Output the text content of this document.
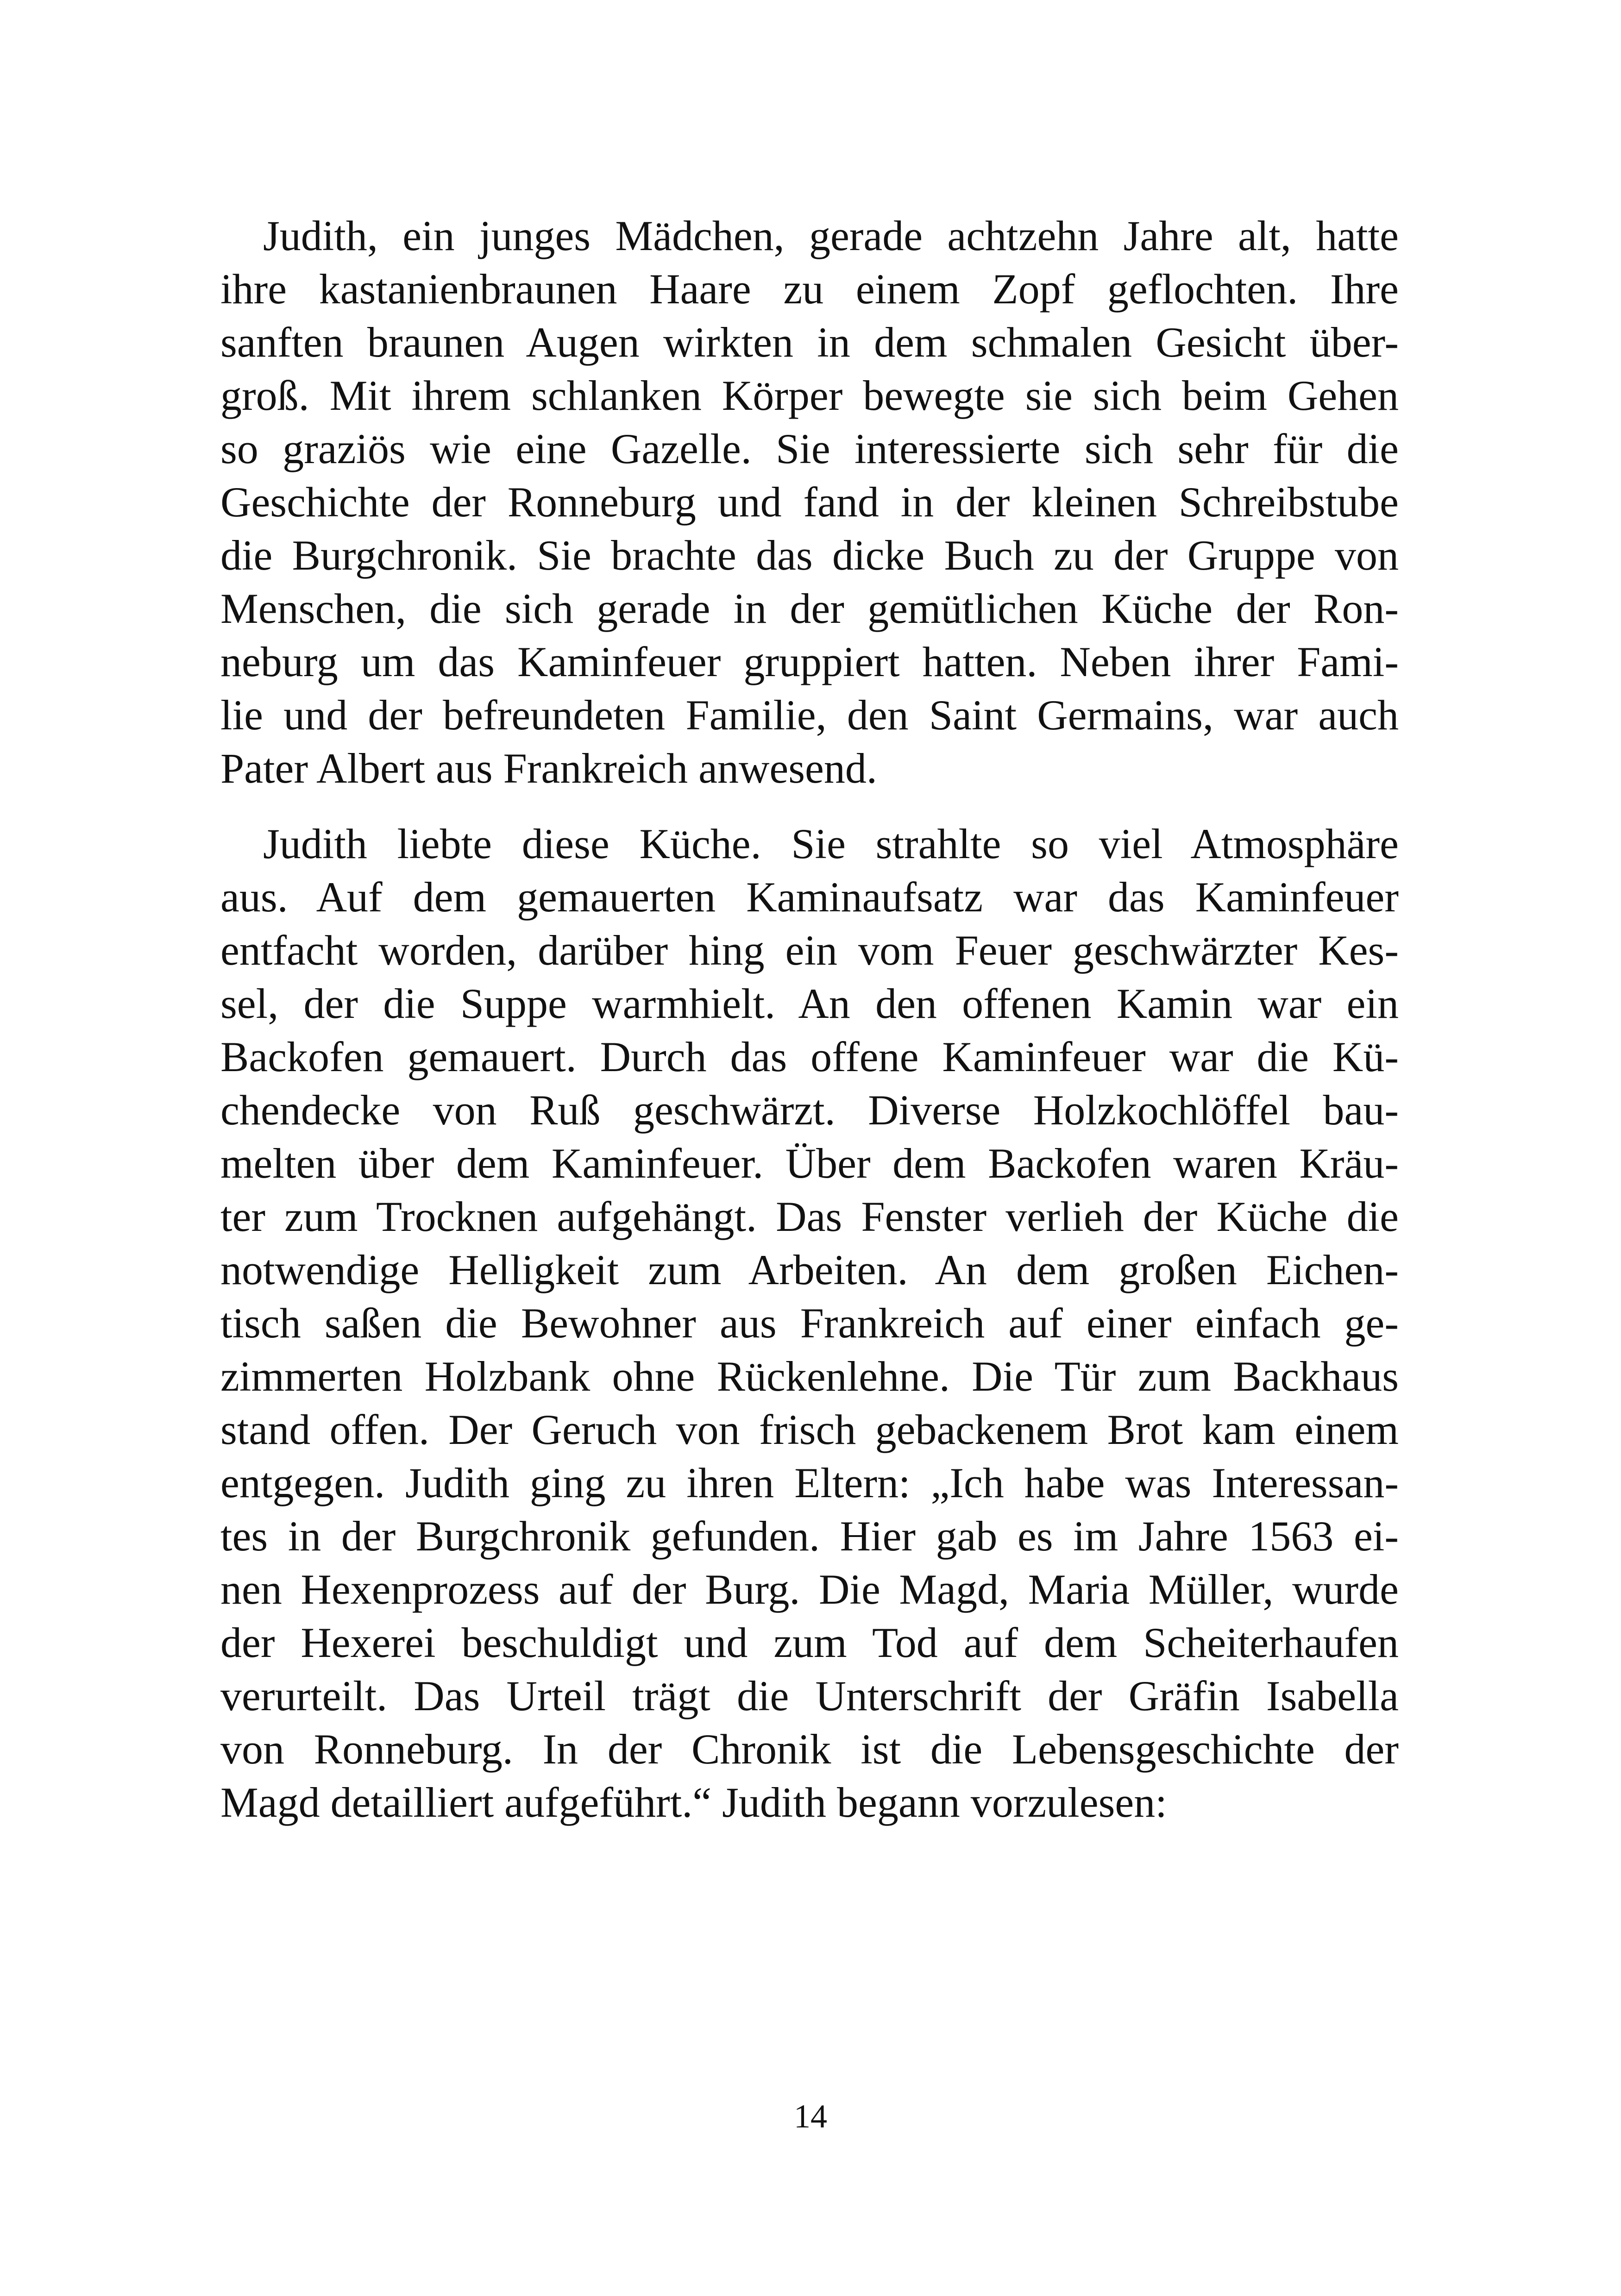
Judith, ein junges Mädchen, gerade achtzehn Jahre alt, hatte
ihre kastanienbraunen Haare zu einem Zopf geflochten. Ihre
sanften braunen Augen wirkten in dem schmalen Gesicht über-
groß. Mit ihrem schlanken Körper bewegte sie sich beim Gehen
so graziös wie eine Gazelle. Sie interessierte sich sehr für die
Geschichte der Ronneburg und fand in der kleinen Schreibstube
die Burgchronik. Sie brachte das dicke Buch zu der Gruppe von
Menschen, die sich gerade in der gemütlichen Küche der Ron-
neburg um das Kaminfeuer gruppiert hatten. Neben ihrer Fami-
lie und der befreundeten Familie, den Saint Germains, war auch
Pater Albert aus Frankreich anwesend.
Judith liebte diese Küche. Sie strahlte so viel Atmosphäre
aus. Auf dem gemauerten Kaminaufsatz war das Kaminfeuer
entfacht worden, darüber hing ein vom Feuer geschwärzter Kes-
sel, der die Suppe warmhielt. An den offenen Kamin war ein
Backofen gemauert. Durch das offene Kaminfeuer war die Kü-
chendecke von Ruß geschwärzt. Diverse Holzkochlöffel bau-
melten über dem Kaminfeuer. Über dem Backofen waren Kräu-
ter zum Trocknen aufgehängt. Das Fenster verlieh der Küche die
notwendige Helligkeit zum Arbeiten. An dem großen Eichen-
tisch saßen die Bewohner aus Frankreich auf einer einfach ge-
zimmerten Holzbank ohne Rückenlehne. Die Tür zum Backhaus
stand offen. Der Geruch von frisch gebackenem Brot kam einem
entgegen. Judith ging zu ihren Eltern: „Ich habe was Interessan-
tes in der Burgchronik gefunden. Hier gab es im Jahre 1563 ei-
nen Hexenprozess auf der Burg. Die Magd, Maria Müller, wurde
der Hexerei beschuldigt und zum Tod auf dem Scheiterhaufen
verurteilt. Das Urteil trägt die Unterschrift der Gräfin Isabella
von Ronneburg. In der Chronik ist die Lebensgeschichte der
Magd detailliert aufgeführt.“ Judith begann vorzulesen:
14
